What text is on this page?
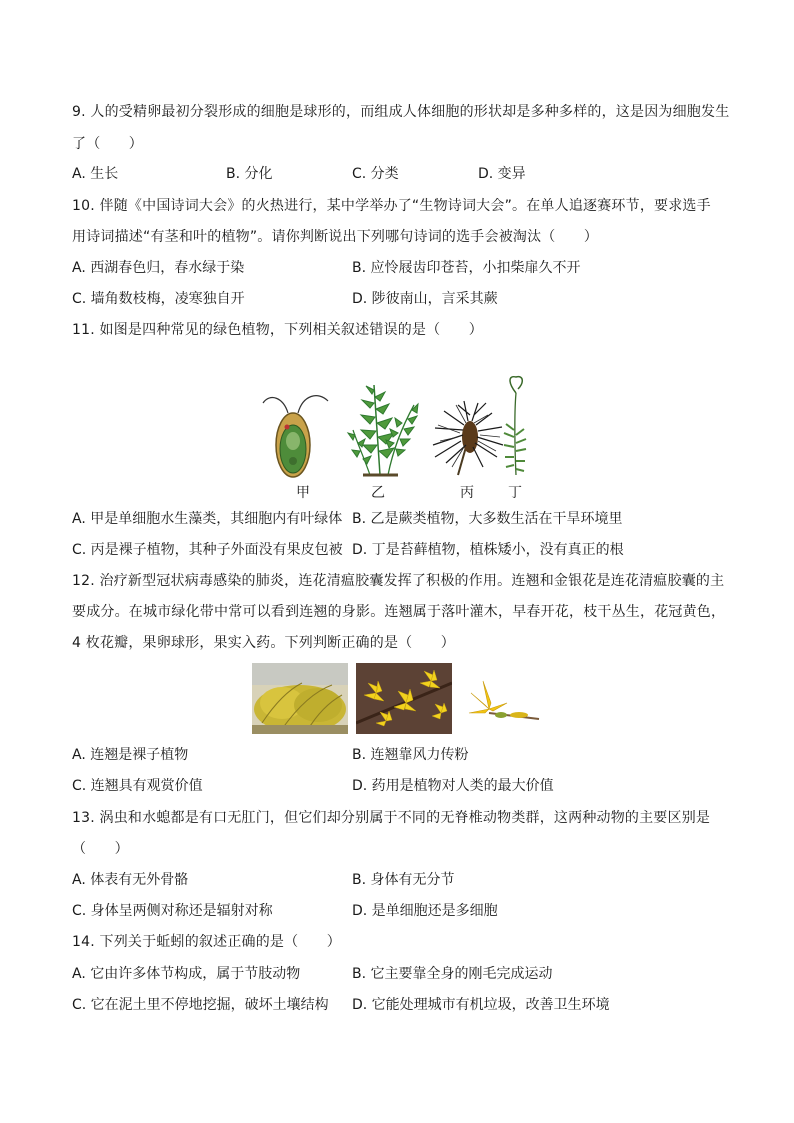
9. 人的受精卵最初分裂形成的细胞是球形的，而组成人体细胞的形状却是多种多样的，这是因为细胞发生
了（　　）
A. 生长	B. 分化	C. 分类	D. 变异
10. 伴随《中国诗词大会》的火热进行，某中学举办了“生物诗词大会”。在单人追逐赛环节，要求选手
用诗词描述“有茎和叶的植物”。请你判断说出下列哪句诗词的选手会被淘汰（　　）
A. 西湖春色归，春水绿于染	B. 应怜屐齿印苍苔，小扣柴扉久不开
C. 墙角数枝梅，凌寒独自开	D. 陟彼南山，言采其蕨
11. 如图是四种常见的绿色植物，下列相关叙述错误的是（　　）
甲	乙	丙 丁
A. 甲是单细胞水生藻类，其细胞内有叶绿体 B. 乙是蕨类植物，大多数生活在干旱环境里
C. 丙是裸子植物，其种子外面没有果皮包被 D. 丁是苔藓植物，植株矮小，没有真正的根
12. 治疗新型冠状病毒感染的肺炎，连花清瘟胶囊发挥了积极的作用。连翘和金银花是连花清瘟胶囊的主
要成分。在城市绿化带中常可以看到连翘的身影。连翘属于落叶灌木，早春开花，枝干丛生，花冠黄色，
4 枚花瓣，果卵球形，果实入药。下列判断正确的是（　　）
A. 连翘是裸子植物	B. 连翘靠风力传粉
C. 连翘具有观赏价值	D. 药用是植物对人类的最大价值
13. 涡虫和水螅都是有口无肛门，但它们却分别属于不同的无脊椎动物类群，这两种动物的主要区别是
（　　）
A. 体表有无外骨骼	B. 身体有无分节
C. 身体呈两侧对称还是辐射对称	D. 是单细胞还是多细胞
14. 下列关于蚯蚓的叙述正确的是（　　）
A. 它由许多体节构成，属于节肢动物	B. 它主要靠全身的刚毛完成运动
C. 它在泥土里不停地挖掘，破坏土壤结构 D. 它能处理城市有机垃圾，改善卫生环境
